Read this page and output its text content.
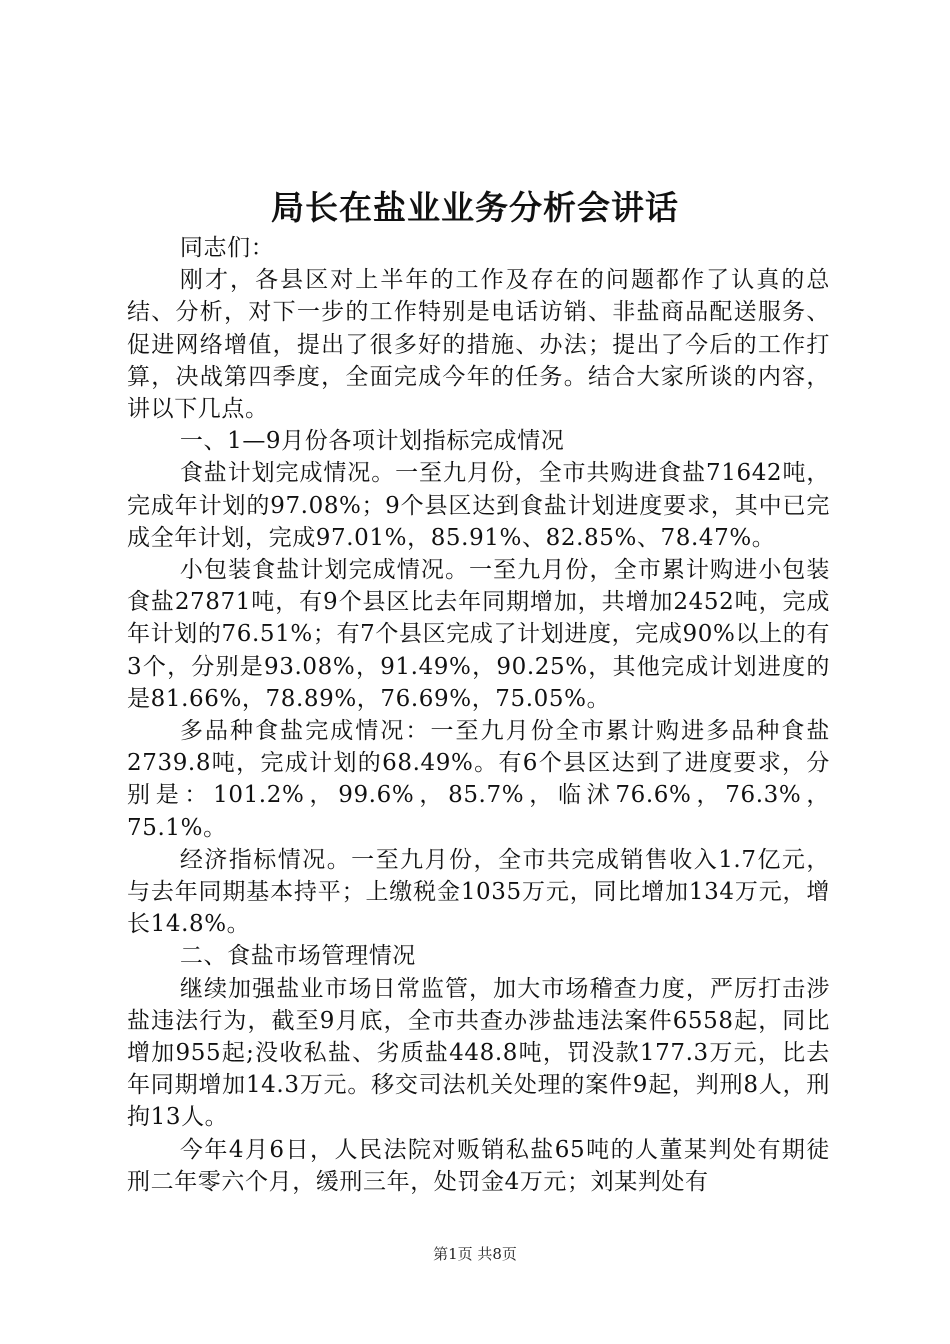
局长在盐业业务分析会讲话

同志们：

刚才，各县区对上半年的工作及存在的问题都作了认真的总结、分析，对下一步的工作特别是电话访销、非盐商品配送服务、促进网络增值，提出了很多好的措施、办法；提出了今后的工作打算，决战第四季度，全面完成今年的任务。结合大家所谈的内容，讲以下几点。

一、1—9月份各项计划指标完成情况

食盐计划完成情况。一至九月份，全市共购进食盐71642吨，完成年计划的97.08%；9个县区达到食盐计划进度要求，其中已完成全年计划，完成97.01%，85.91%、82.85%、78.47%。

小包装食盐计划完成情况。一至九月份，全市累计购进小包装食盐27871吨，有9个县区比去年同期增加，共增加2452吨，完成年计划的76.51%；有7个县区完成了计划进度，完成90%以上的有3个，分别是93.08%，91.49%，90.25%，其他完成计划进度的是81.66%，78.89%，76.69%，75.05%。

多品种食盐完成情况：一至九月份全市累计购进多品种食盐2739.8吨，完成计划的68.49%。有6个县区达到了进度要求，分别是：101.2%，99.6%，85.7%，临沭76.6%，76.3%，75.1%。

经济指标情况。一至九月份，全市共完成销售收入1.7亿元，与去年同期基本持平；上缴税金1035万元，同比增加134万元，增长14.8%。

二、食盐市场管理情况

继续加强盐业市场日常监管，加大市场稽查力度，严厉打击涉盐违法行为，截至9月底，全市共查办涉盐违法案件6558起，同比增加955起;没收私盐、劣质盐448.8吨，罚没款177.3万元，比去年同期增加14.3万元。移交司法机关处理的案件9起，判刑8人，刑拘13人。

今年4月6日，人民法院对贩销私盐65吨的人董某判处有期徒刑二年零六个月，缓刑三年，处罚金4万元；刘某判处有

第1页 共8页
